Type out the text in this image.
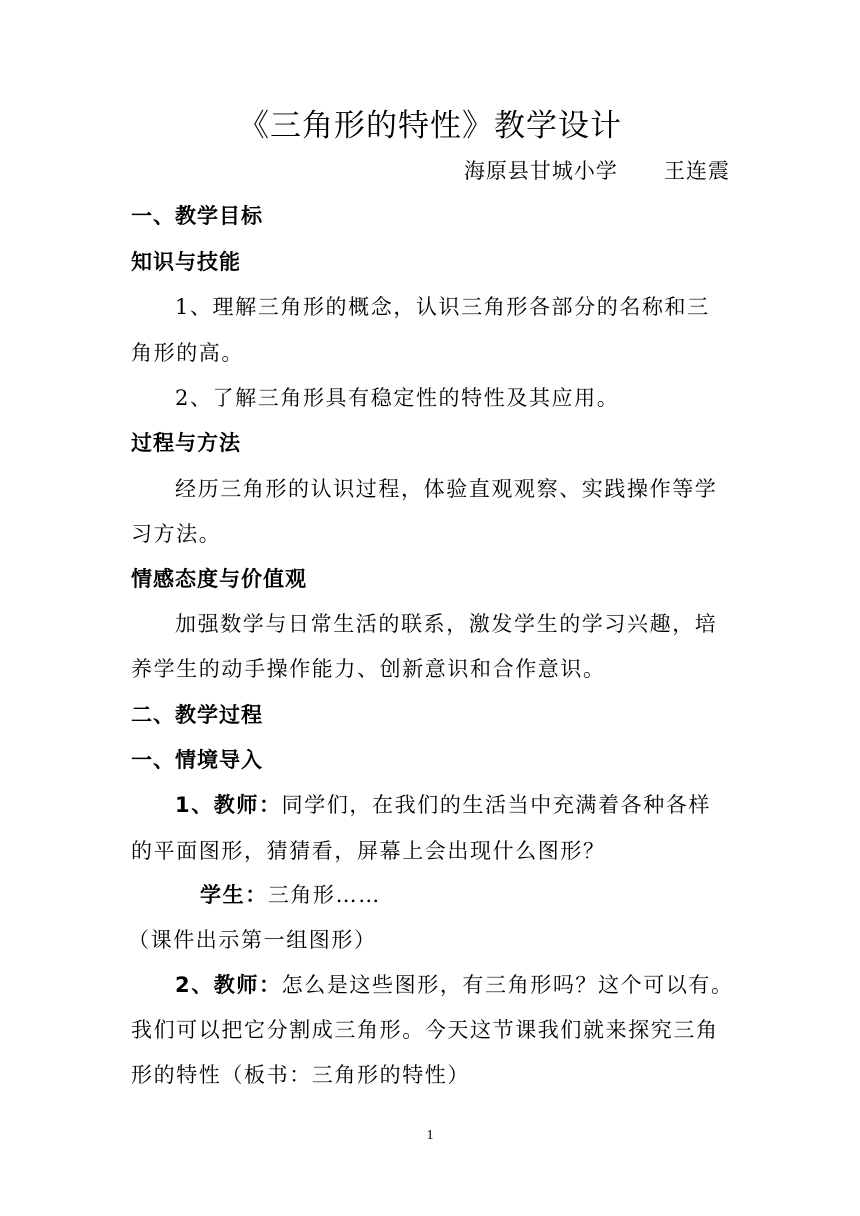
《三角形的特性》教学设计
海原县甘城小学      王连震
一、教学目标
知识与技能
1、理解三角形的概念，认识三角形各部分的名称和三
角形的高。
2、了解三角形具有稳定性的特性及其应用。
过程与方法
经历三角形的认识过程，体验直观观察、实践操作等学
习方法。
情感态度与价值观
加强数学与日常生活的联系，激发学生的学习兴趣，培
养学生的动手操作能力、创新意识和合作意识。
二、教学过程
一、情境导入
1、教师：同学们，在我们的生活当中充满着各种各样
的平面图形，猜猜看，屏幕上会出现什么图形？
学生：三角形……
（课件出示第一组图形）
2、教师：怎么是这些图形，有三角形吗？这个可以有。
我们可以把它分割成三角形。今天这节课我们就来探究三角
形的特性（板书：三角形的特性）
1
